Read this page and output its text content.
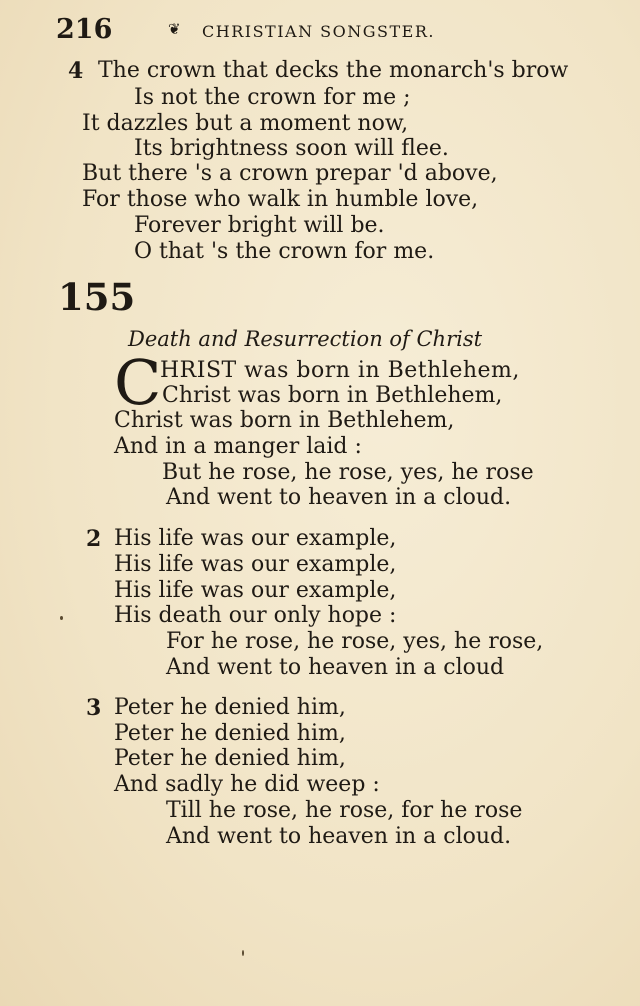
216	❦ CHRISTIAN SONGSTER.
4 The crown that decks the monarch's brow
Is not the crown for me ;
It dazzles but a moment now,
Its brightness soon will flee.
But there 's a crown prepar 'd above,
For those who walk in humble love,
Forever bright will be.
O that 's the crown for me.
155
Death and Resurrection of Christ
C
HRIST was born in Bethlehem,
Christ was born in Bethlehem,
Christ was born in Bethlehem,
And in a manger laid :
But he rose, he rose, yes, he rose
And went to heaven in a cloud.
2 His life was our example,
His life was our example,
His life was our example,
His death our only hope :
For he rose, he rose, yes, he rose,
And went to heaven in a cloud
3 Peter he denied him,
Peter he denied him,
Peter he denied him,
And sadly he did weep :
Till he rose, he rose, for he rose
And went to heaven in a cloud.
